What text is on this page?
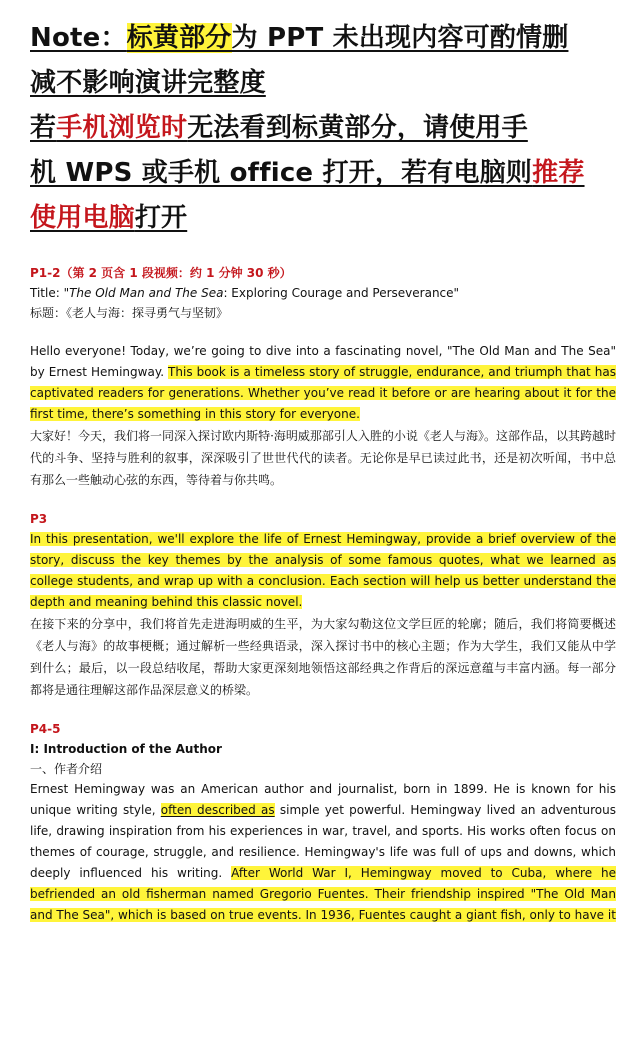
Note：标黄部分为 PPT 未出现内容可酌情删
减不影响演讲完整度
若手机浏览时无法看到标黄部分，请使用手
机 WPS 或手机 office 打开，若有电脑则推荐
使用电脑打开
P1-2（第 2 页含 1 段视频：约 1 分钟 30 秒）
Title: "The Old Man and The Sea: Exploring Courage and Perseverance"
标题：《老人与海：探寻勇气与坚韧》
Hello everyone! Today, we’re going to dive into a fascinating novel, "The Old Man and The Sea" by Ernest Hemingway. This book is a timeless story of struggle, endurance, and triumph that has captivated readers for generations. Whether you’ve read it before or are hearing about it for the first time, there’s something in this story for everyone.
大家好！今天，我们将一同深入探讨欧内斯特·海明威那部引人入胜的小说《老人与海》。这部作品，以其跨越时代的斗争、坚持与胜利的叙事，深深吸引了世世代代的读者。无论你是早已读过此书，还是初次听闻，书中总有那么一些触动心弦的东西，等待着与你共鸣。
P3
In this presentation, we'll explore the life of Ernest Hemingway, provide a brief overview of the story, discuss the key themes by the analysis of some famous quotes, what we learned as college students, and wrap up with a conclusion. Each section will help us better understand the depth and meaning behind this classic novel.
在接下来的分享中，我们将首先走进海明威的生平，为大家勾勒这位文学巨匠的轮廓；随后，我们将简要概述《老人与海》的故事梗概；通过解析一些经典语录，深入探讨书中的核心主题；作为大学生，我们又能从中学到什么；最后，以一段总结收尾，帮助大家更深刻地领悟这部经典之作背后的深远意蕴与丰富内涵。每一部分都将是通往理解这部作品深层意义的桥梁。
P4-5
I: Introduction of the Author
一、作者介绍
Ernest Hemingway was an American author and journalist, born in 1899. He is known for his unique writing style, often described as simple yet powerful. Hemingway lived an adventurous life, drawing inspiration from his experiences in war, travel, and sports. His works often focus on themes of courage, struggle, and resilience. Hemingway's life was full of ups and downs, which deeply influenced his writing. After World War I, Hemingway moved to Cuba, where he befriended an old fisherman named Gregorio Fuentes. Their friendship inspired "The Old Man and The Sea", which is based on true events. In 1936, Fuentes caught a giant fish, only to have it
